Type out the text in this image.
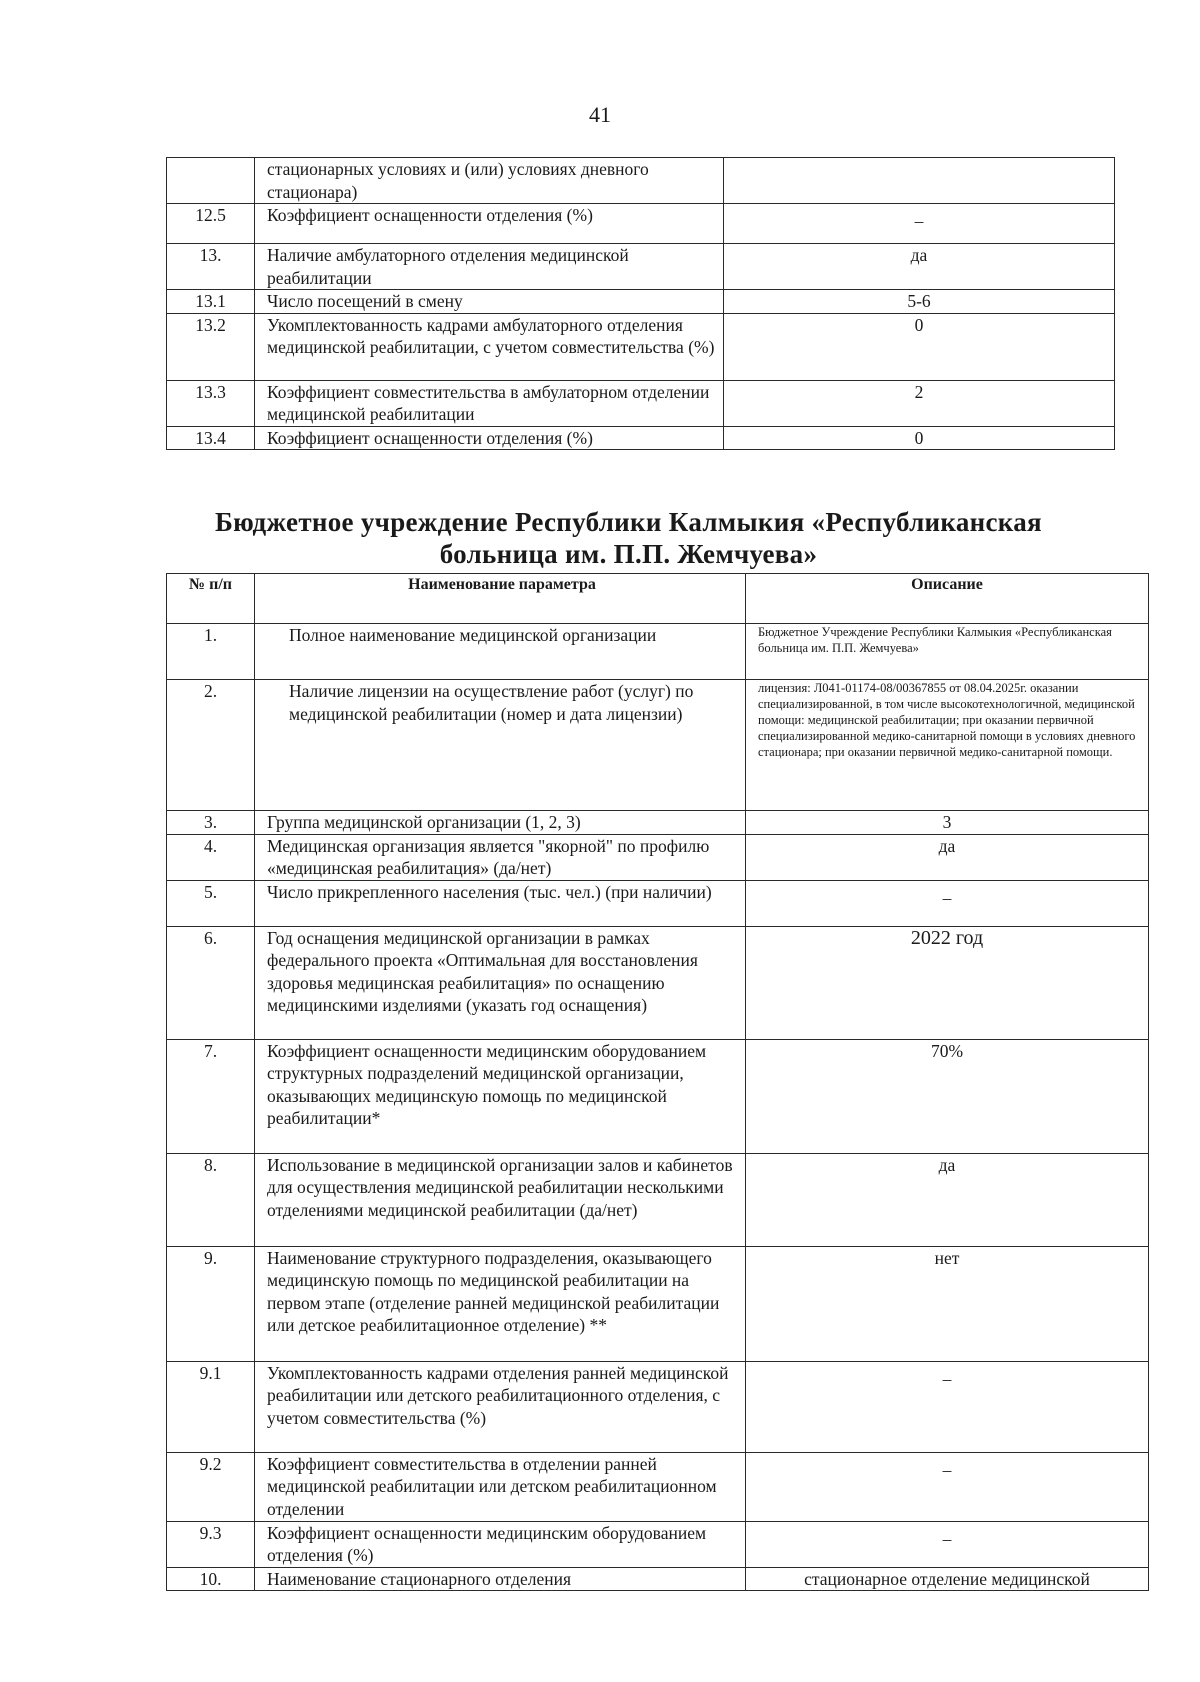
41
	стационарных условиях и (или) условиях дневного стационара)	
12.5	Коэффициент оснащенности отделения (%)	–

13.	Наличие амбулаторного отделения медицинской реабилитации	да
13.1	Число посещений в смену	5-6
13.2	Укомплектованность кадрами амбулаторного отделения медицинской реабилитации, с учетом совместительства (%)	0
13.3	Коэффициент совместительства в амбулаторном отделении медицинской реабилитации	2
13.4	Коэффициент оснащенности отделения (%)	0
Бюджетное учреждение Республики Калмыкия «Республиканская больница им. П.П. Жемчуева»
№ п/п	Наименование параметра	Описание
1.	Полное наименование медицинской организации	Бюджетное Учреждение Республики Калмыкия «Республиканская больница им. П.П. Жемчуева»
2.	Наличие лицензии на осуществление работ (услуг) по медицинской реабилитации (номер и дата лицензии)	лицензия: Л041-01174-08/00367855 от 08.04.2025г. оказании специализированной, в том числе высокотехнологичной, медицинской помощи: медицинской реабилитации; при оказании первичной специализированной медико-санитарной помощи в условиях дневного стационара; при оказании первичной медико-санитарной помощи.
3.	Группа медицинской организации (1, 2, 3)	3
4.	Медицинская организация является "якорной" по профилю «медицинская реабилитация» (да/нет)	да
5.	Число прикрепленного населения (тыс. чел.) (при наличии)	–

6.	Год оснащения медицинской организации в рамках федерального проекта «Оптимальная для восстановления здоровья медицинская реабилитация» по оснащению медицинскими изделиями (указать год оснащения)	2022 год
7.	Коэффициент оснащенности медицинским оборудованием структурных подразделений медицинской организации, оказывающих медицинскую помощь по медицинской реабилитации*	70%
8.	Использование в медицинской организации залов и кабинетов для осуществления медицинской реабилитации несколькими отделениями медицинской реабилитации (да/нет)	да
9.	Наименование структурного подразделения, оказывающего медицинскую помощь по медицинской реабилитации на первом этапе (отделение ранней медицинской реабилитации или детское реабилитационное отделение) **	нет
9.1	Укомплектованность кадрами отделения ранней медицинской реабилитации или детского реабилитационного отделения, с учетом совместительства (%)	–

9.2	Коэффициент совместительства в отделении ранней медицинской реабилитации или детском реабилитационном отделении	–

9.3	Коэффициент оснащенности медицинским оборудованием отделения (%)	–

10.	Наименование стационарного отделения	стационарное отделение медицинской
